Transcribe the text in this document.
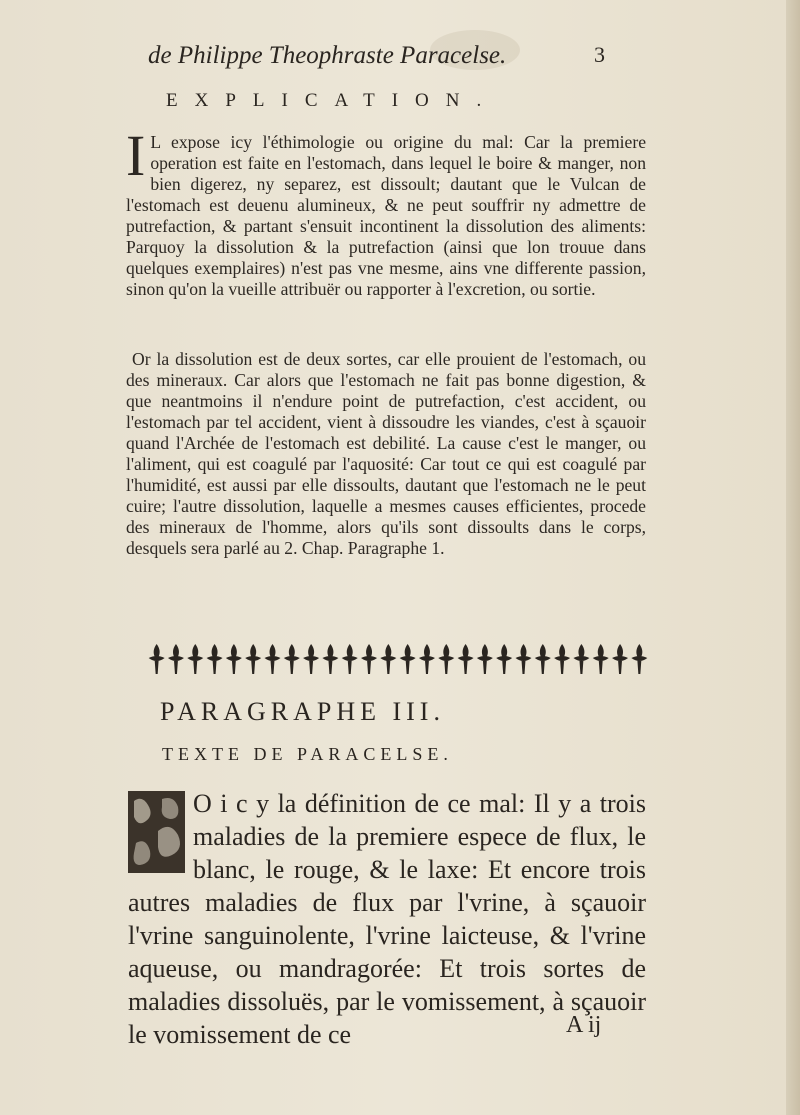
de Philippe Theophraste Paracelse.	3
EXPLICATION.
I L expose icy l'éthimologie ou origine du mal: Car la premiere operation est faite en l'estomach, dans lequel le boire & manger, non bien digerez, ny separez, est dissoult; dautant que le Vulcan de l'estomach est deuenu alumineux, & ne peut souffrir ny admettre de putrefaction, & partant s'ensuit incontinent la dissolution des aliments: Parquoy la dissolution & la putrefaction (ainsi que lon trouue dans quelques exemplaires) n'est pas vne mesme, ains vne differente passion, sinon qu'on la vueille attribuër ou rapporter à l'excretion, ou sortie.
Or la dissolution est de deux sortes, car elle prouient de l'estomach, ou des mineraux. Car alors que l'estomach ne fait pas bonne digestion, & que neantmoins il n'endure point de putrefaction, c'est accident, ou l'estomach par tel accident, vient à dissoudre les viandes, c'est à sçauoir quand l'Archée de l'estomach est debilité. La cause c'est le manger, ou l'aliment, qui est coagulé par l'aquosité: Car tout ce qui est coagulé par l'humidité, est aussi par elle dissoults, dautant que l'estomach ne le peut cuire; l'autre dissolution, laquelle a mesmes causes efficientes, procede des mineraux de l'homme, alors qu'ils sont dissoults dans le corps, desquels sera parlé au 2. Chap. Paragraphe 1.
PARAGRAPHE III.
TEXTE DE PARACELSE.
O i c y la définition de ce mal: Il y a trois maladies de la premiere espece de flux, le blanc, le rouge, & le laxe: Et encore trois autres maladies de flux par l'vrine, à sçauoir l'vrine sanguinolente, l'vrine laicteuse, & l'vrine aqueuse, ou mandragorée: Et trois sortes de maladies dissoluës, par le vomissement, à sçauoir le vomissement de ce	A ij
